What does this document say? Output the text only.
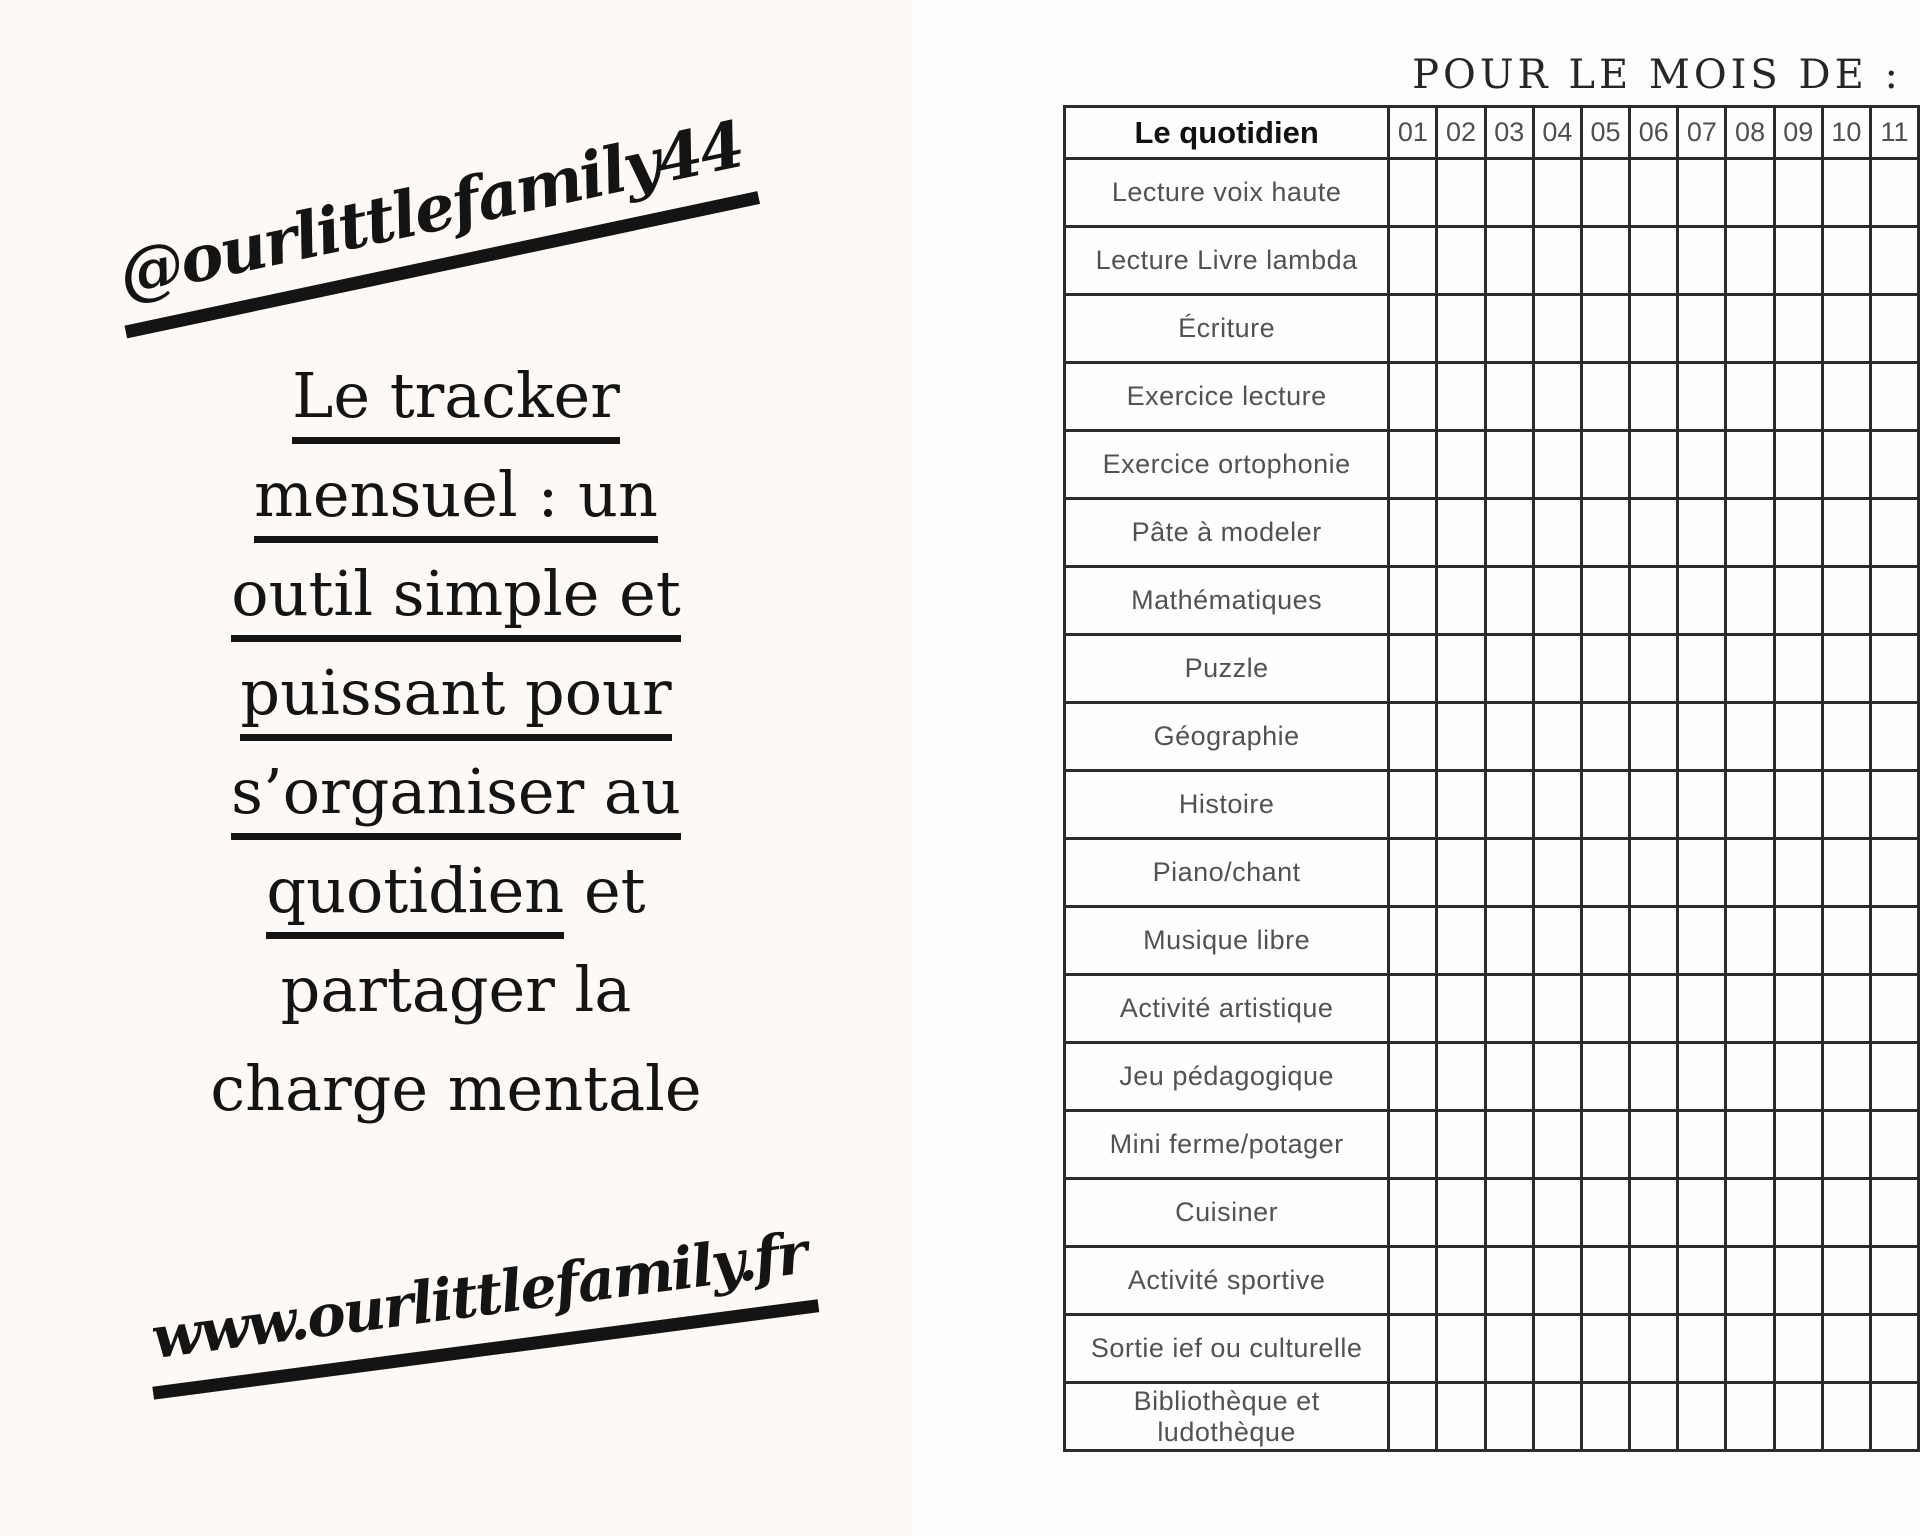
@ourlittlefamily44
Le tracker
mensuel : un
outil simple et
puissant pour
s’organiser au
quotidien et
partager la
charge mentale
www.ourlittlefamily.fr
POUR LE MOIS DE :
Le quotidien	01	02	03	04	05	06	07	08	09	10	11
Lecture voix haute											
Lecture Livre lambda											
Écriture											
Exercice lecture											
Exercice ortophonie											
Pâte à modeler											
Mathématiques											
Puzzle											
Géographie											
Histoire											
Piano/chant											
Musique libre											
Activité artistique											
Jeu pédagogique											
Mini ferme/potager											
Cuisiner											
Activité sportive											
Sortie ief ou culturelle											
Bibliothèque et ludothèque											
